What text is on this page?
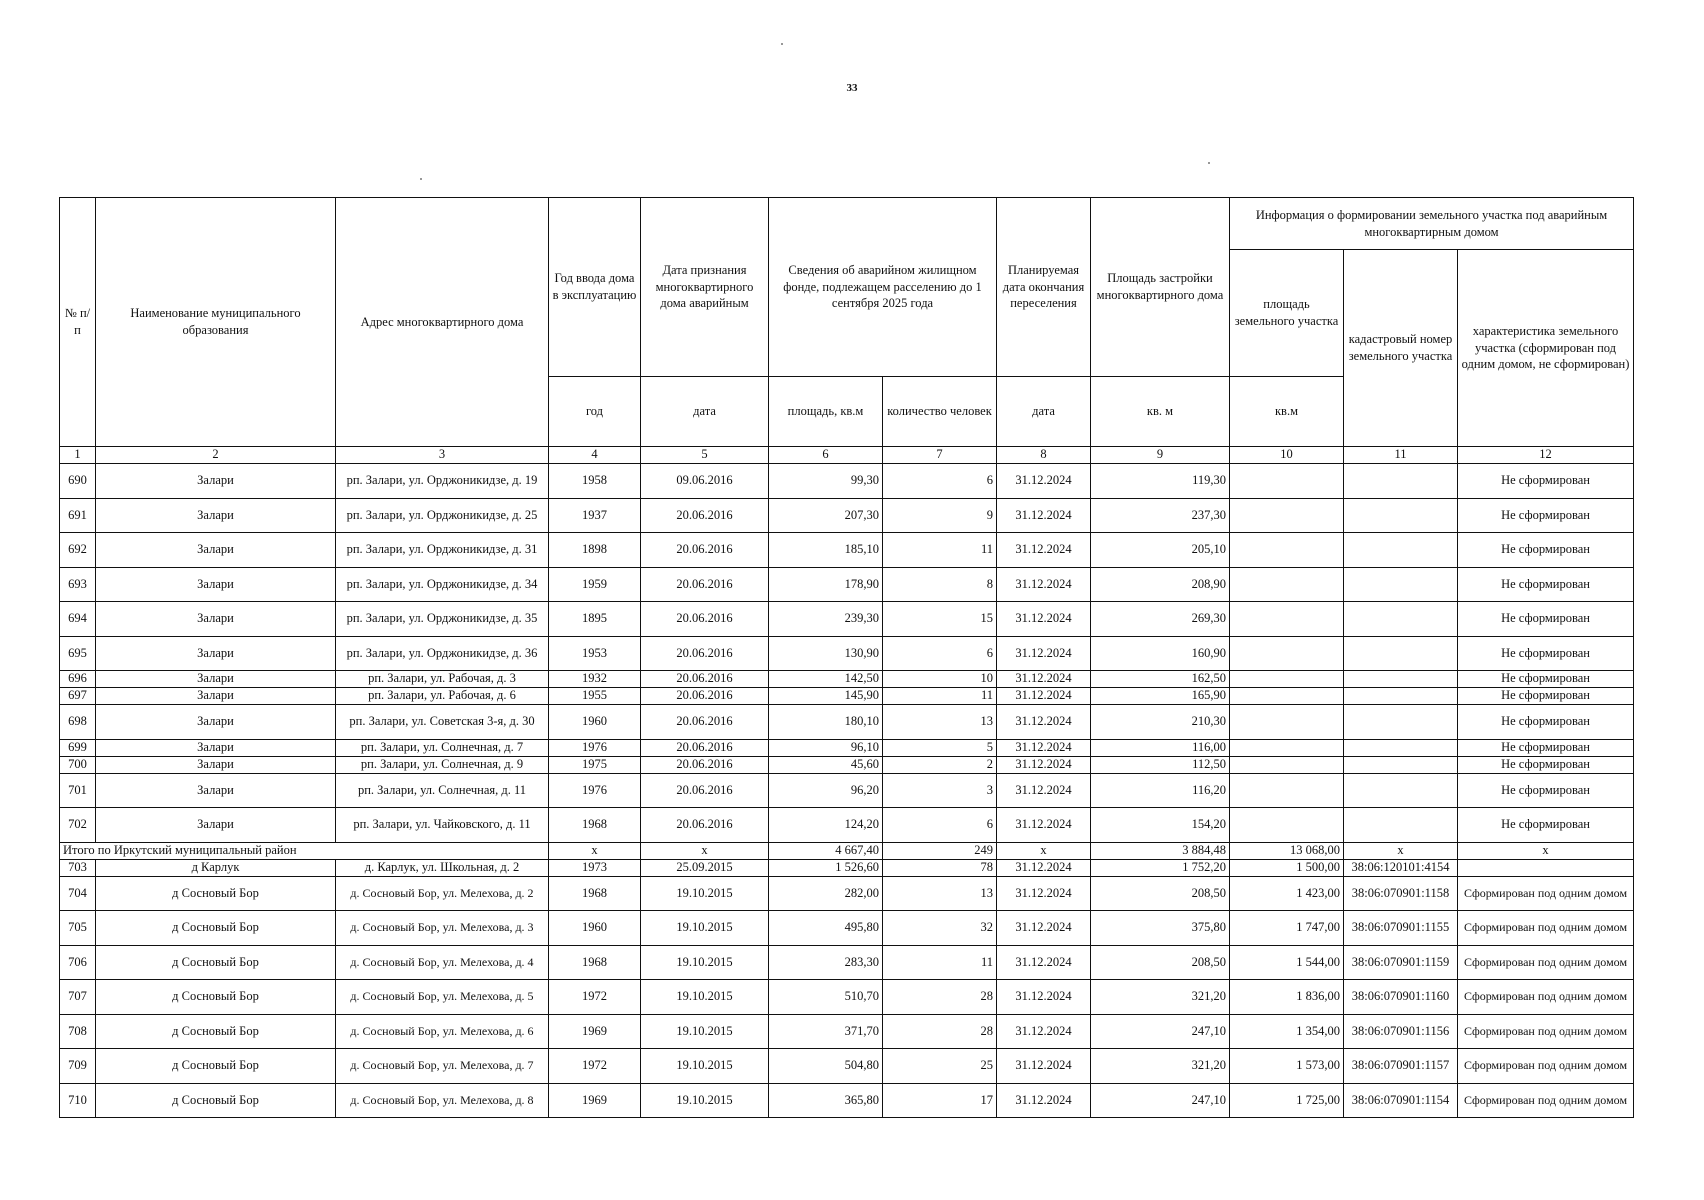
33
№ п/п	Наименование муниципального образования	Адрес многоквартирного дома	Год ввода дома в эксплуатацию	Дата признания многоквартирного дома аварийным	Сведения об аварийном жилищном фонде, подлежащем расселению до 1 сентября 2025 года		Планируемая дата окончания переселения	Площадь застройки многоквартирного дома	Информация о формировании земельного участка под аварийным многоквартирным домом		
									площадь земельного участка	кадастровый номер земельного участка	характеристика земельного участка (сформирован под одним домом, не сформирован)
			год	дата	площадь, кв.м	количество человек	дата	кв. м	кв.м		
1	2	3	4	5	6	7	8	9	10	11	12
690	Залари	рп. Залари, ул. Орджоникидзе, д. 19	1958	09.06.2016	99,30	6	31.12.2024	119,30			Не сформирован
691	Залари	рп. Залари, ул. Орджоникидзе, д. 25	1937	20.06.2016	207,30	9	31.12.2024	237,30			Не сформирован
692	Залари	рп. Залари, ул. Орджоникидзе, д. 31	1898	20.06.2016	185,10	11	31.12.2024	205,10			Не сформирован
693	Залари	рп. Залари, ул. Орджоникидзе, д. 34	1959	20.06.2016	178,90	8	31.12.2024	208,90			Не сформирован
694	Залари	рп. Залари, ул. Орджоникидзе, д. 35	1895	20.06.2016	239,30	15	31.12.2024	269,30			Не сформирован
695	Залари	рп. Залари, ул. Орджоникидзе, д. 36	1953	20.06.2016	130,90	6	31.12.2024	160,90			Не сформирован
696	Залари	рп. Залари, ул. Рабочая, д. 3	1932	20.06.2016	142,50	10	31.12.2024	162,50			Не сформирован
697	Залари	рп. Залари, ул. Рабочая, д. 6	1955	20.06.2016	145,90	11	31.12.2024	165,90			Не сформирован
698	Залари	рп. Залари, ул. Советская 3-я, д. 30	1960	20.06.2016	180,10	13	31.12.2024	210,30			Не сформирован
699	Залари	рп. Залари, ул. Солнечная, д. 7	1976	20.06.2016	96,10	5	31.12.2024	116,00			Не сформирован
700	Залари	рп. Залари, ул. Солнечная, д. 9	1975	20.06.2016	45,60	2	31.12.2024	112,50			Не сформирован
701	Залари	рп. Залари, ул. Солнечная, д. 11	1976	20.06.2016	96,20	3	31.12.2024	116,20			Не сформирован
702	Залари	рп. Залари, ул. Чайковского, д. 11	1968	20.06.2016	124,20	6	31.12.2024	154,20			Не сформирован
Итого по Иркутский муниципальный район			х	х	4 667,40	249	х	3 884,48	13 068,00	х	х
703	д Карлук	д. Карлук, ул. Школьная, д. 2	1973	25.09.2015	1 526,60	78	31.12.2024	1 752,20	1 500,00	38:06:120101:4154	
704	д Сосновый Бор	д. Сосновый Бор, ул. Мелехова, д. 2	1968	19.10.2015	282,00	13	31.12.2024	208,50	1 423,00	38:06:070901:1158	Сформирован под одним домом
705	д Сосновый Бор	д. Сосновый Бор, ул. Мелехова, д. 3	1960	19.10.2015	495,80	32	31.12.2024	375,80	1 747,00	38:06:070901:1155	Сформирован под одним домом
706	д Сосновый Бор	д. Сосновый Бор, ул. Мелехова, д. 4	1968	19.10.2015	283,30	11	31.12.2024	208,50	1 544,00	38:06:070901:1159	Сформирован под одним домом
707	д Сосновый Бор	д. Сосновый Бор, ул. Мелехова, д. 5	1972	19.10.2015	510,70	28	31.12.2024	321,20	1 836,00	38:06:070901:1160	Сформирован под одним домом
708	д Сосновый Бор	д. Сосновый Бор, ул. Мелехова, д. 6	1969	19.10.2015	371,70	28	31.12.2024	247,10	1 354,00	38:06:070901:1156	Сформирован под одним домом
709	д Сосновый Бор	д. Сосновый Бор, ул. Мелехова, д. 7	1972	19.10.2015	504,80	25	31.12.2024	321,20	1 573,00	38:06:070901:1157	Сформирован под одним домом
710	д Сосновый Бор	д. Сосновый Бор, ул. Мелехова, д. 8	1969	19.10.2015	365,80	17	31.12.2024	247,10	1 725,00	38:06:070901:1154	Сформирован под одним домом
